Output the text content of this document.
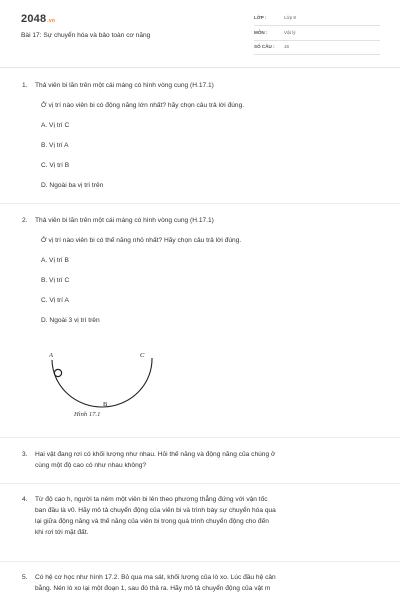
2048.vn
Bài 17: Sự chuyển hóa và bảo toàn cơ năng
LỚP :	Lớp 8
MÔN :	Vật lý
SỐ CÂU : 16
1. Thả viên bi lăn trên một cái máng có hình vòng cung (H.17.1)
Ở vị trí nào viên bi có động năng lớn nhất? hãy chọn câu trả lời đúng.
A. Vị trí C
B. Vị trí A
C. Vị trí B
D. Ngoài ba vị trí trên
2. Thả viên bi lăn trên một cái máng có hình vòng cung (H.17.1)
Ở vị trí nào viên bi có thế năng nhỏ nhất? Hãy chọn câu trả lời đúng.
A. Vị trí B
B. Vị trí C
C. Vị trí A
D. Ngoài 3 vị trí trên
A	C
B
Hình 17.1
3. Hai vật đang rơi có khối lượng như nhau. Hỏi thế năng và động năng của chúng ở
cùng một độ cao có như nhau không?
4. Từ độ cao h, người ta ném một viên bi lên theo phương thẳng đứng với vận tốc
ban đầu là v0. Hãy mô tả chuyển động của viên bi và trình bày sự chuyển hóa qua
lại giữa động năng và thế năng của viên bi trong quá trình chuyển động cho đến
khi rơi tới mặt đất.
5. Có hệ cơ học như hình 17.2. Bỏ qua ma sát, khối lượng của lò xo. Lúc đầu hệ cân
bằng. Nén lò xo lại một đoạn 1, sau đó thả ra. Hãy mô tả chuyển động của vật m
